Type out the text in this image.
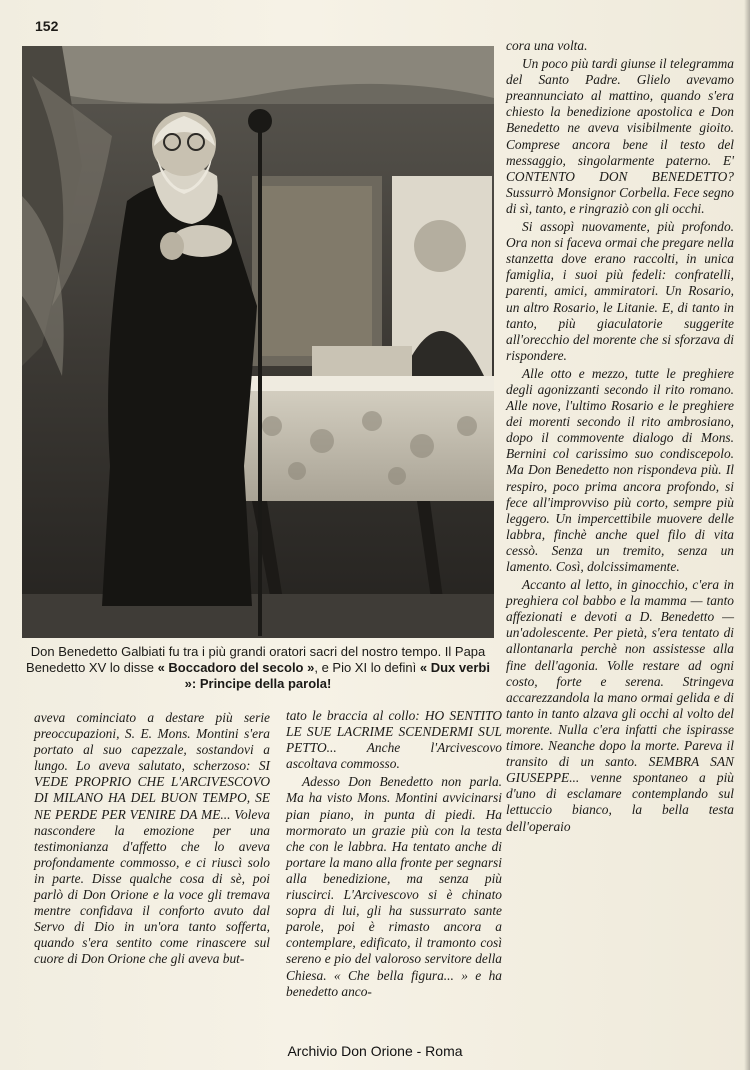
152
Don Benedetto Galbiati fu tra i più grandi oratori sacri del nostro tempo. Il Papa Benedetto XV lo disse « Boccadoro del secolo », e Pio XI lo definì « Dux verbi »: Principe della parola!

aveva cominciato a destare più serie preoccupazioni, S. E. Mons. Montini s'era portato al suo capezzale, sostandovi a lungo. Lo aveva salutato, scherzoso: SI VEDE PROPRIO CHE L'ARCIVESCOVO DI MILANO HA DEL BUON TEMPO, SE NE PERDE PER VENIRE DA ME... Voleva nascondere la emozione per una testimonianza d'affetto che lo aveva profondamente commosso, e ci riuscì solo in parte. Disse qualche cosa di sè, poi parlò di Don Orione e la voce gli tremava mentre confidava il conforto avuto dal Servo di Dio in un'ora tanto sofferta, quando s'era sentito come rinascere sul cuore di Don Orione che gli aveva but-

tato le braccia al collo: HO SENTITO LE SUE LACRIME SCENDERMI SUL PETTO... Anche l'Arcivescovo ascoltava commosso.

Adesso Don Benedetto non parla. Ma ha visto Mons. Montini avvicinarsi pian piano, in punta di piedi. Ha mormorato un grazie più con la testa che con le labbra. Ha tentato anche di portare la mano alla fronte per segnarsi alla benedizione, ma senza più riuscirci. L'Arcivescovo si è chinato sopra di lui, gli ha sussurrato sante parole, poi è rimasto ancora a contemplare, edificato, il tramonto così sereno e pio del valoroso servitore della Chiesa. « Che bella figura... » e ha benedetto anco-

cora una volta.

Un poco più tardi giunse il telegramma del Santo Padre. Glielo avevamo preannunciato al mattino, quando s'era chiesto la benedizione apostolica e Don Benedetto ne aveva visibilmente gioito. Comprese ancora bene il testo del messaggio, singolarmente paterno. E' CONTENTO DON BENEDETTO? Sussurrò Monsignor Corbella. Fece segno di sì, tanto, e ringraziò con gli occhi.

Si assopì nuovamente, più profondo. Ora non si faceva ormai che pregare nella stanzetta dove erano raccolti, in unica famiglia, i suoi più fedeli: confratelli, parenti, amici, ammiratori. Un Rosario, un altro Rosario, le Litanie. E, di tanto in tanto, più giaculatorie suggerite all'orecchio del morente che si sforzava di rispondere.

Alle otto e mezzo, tutte le preghiere degli agonizzanti secondo il rito romano. Alle nove, l'ultimo Rosario e le preghiere dei morenti secondo il rito ambrosiano, dopo il commovente dialogo di Mons. Bernini col carissimo suo condiscepolo. Ma Don Benedetto non rispondeva più. Il respiro, poco prima ancora profondo, si fece all'improvviso più corto, sempre più leggero. Un impercettibile muovere delle labbra, finchè anche quel filo di vita cessò. Senza un tremito, senza un lamento. Così, dolcissimamente.

Accanto al letto, in ginocchio, c'era in preghiera col babbo e la mamma — tanto affezionati e devoti a D. Benedetto — un'adolescente. Per pietà, s'era tentato di allontanarla perchè non assistesse alla fine dell'agonia. Volle restare ad ogni costo, forte e serena. Stringeva accarezzandola la mano ormai gelida e di tanto in tanto alzava gli occhi al volto del morente. Nulla c'era infatti che ispirasse timore. Neanche dopo la morte. Pareva il transito di un santo. SEMBRA SAN GIUSEPPE... venne spontaneo a più d'uno di esclamare contemplando sul lettuccio bianco, la bella testa dell'operaio

Archivio Don Orione - Roma
